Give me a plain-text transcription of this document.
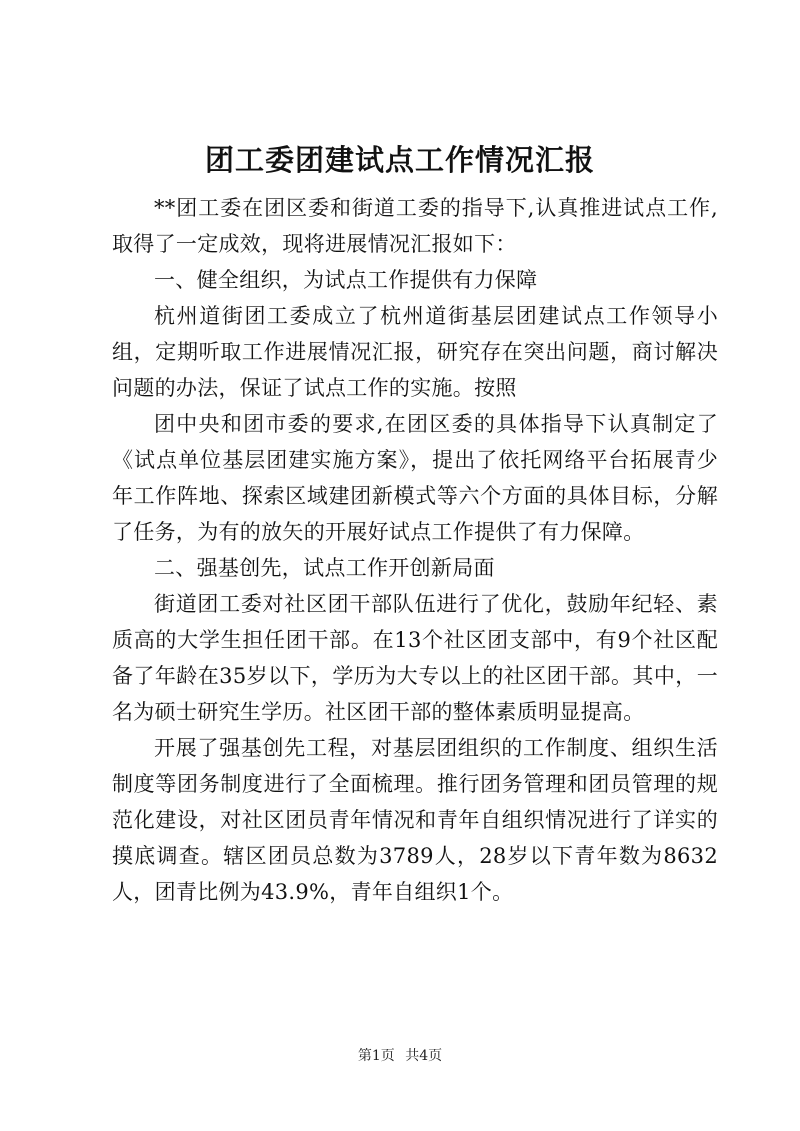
团工委团建试点工作情况汇报

**团工委在团区委和街道工委的指导下,认真推进试点工作,取得了一定成效，现将进展情况汇报如下：

一、健全组织，为试点工作提供有力保障

杭州道街团工委成立了杭州道街基层团建试点工作领导小组，定期听取工作进展情况汇报，研究存在突出问题，商讨解决问题的办法，保证了试点工作的实施。按照

团中央和团市委的要求,在团区委的具体指导下认真制定了《试点单位基层团建实施方案》，提出了依托网络平台拓展青少年工作阵地、探索区域建团新模式等六个方面的具体目标，分解了任务，为有的放矢的开展好试点工作提供了有力保障。

二、强基创先，试点工作开创新局面

街道团工委对社区团干部队伍进行了优化，鼓励年纪轻、素质高的大学生担任团干部。在13个社区团支部中，有9个社区配备了年龄在35岁以下，学历为大专以上的社区团干部。其中，一名为硕士研究生学历。社区团干部的整体素质明显提高。

开展了强基创先工程，对基层团组织的工作制度、组织生活制度等团务制度进行了全面梳理。推行团务管理和团员管理的规范化建设，对社区团员青年情况和青年自组织情况进行了详实的摸底调查。辖区团员总数为3789人，28岁以下青年数为8632人，团青比例为43.9%，青年自组织1个。

第1页 共4页
